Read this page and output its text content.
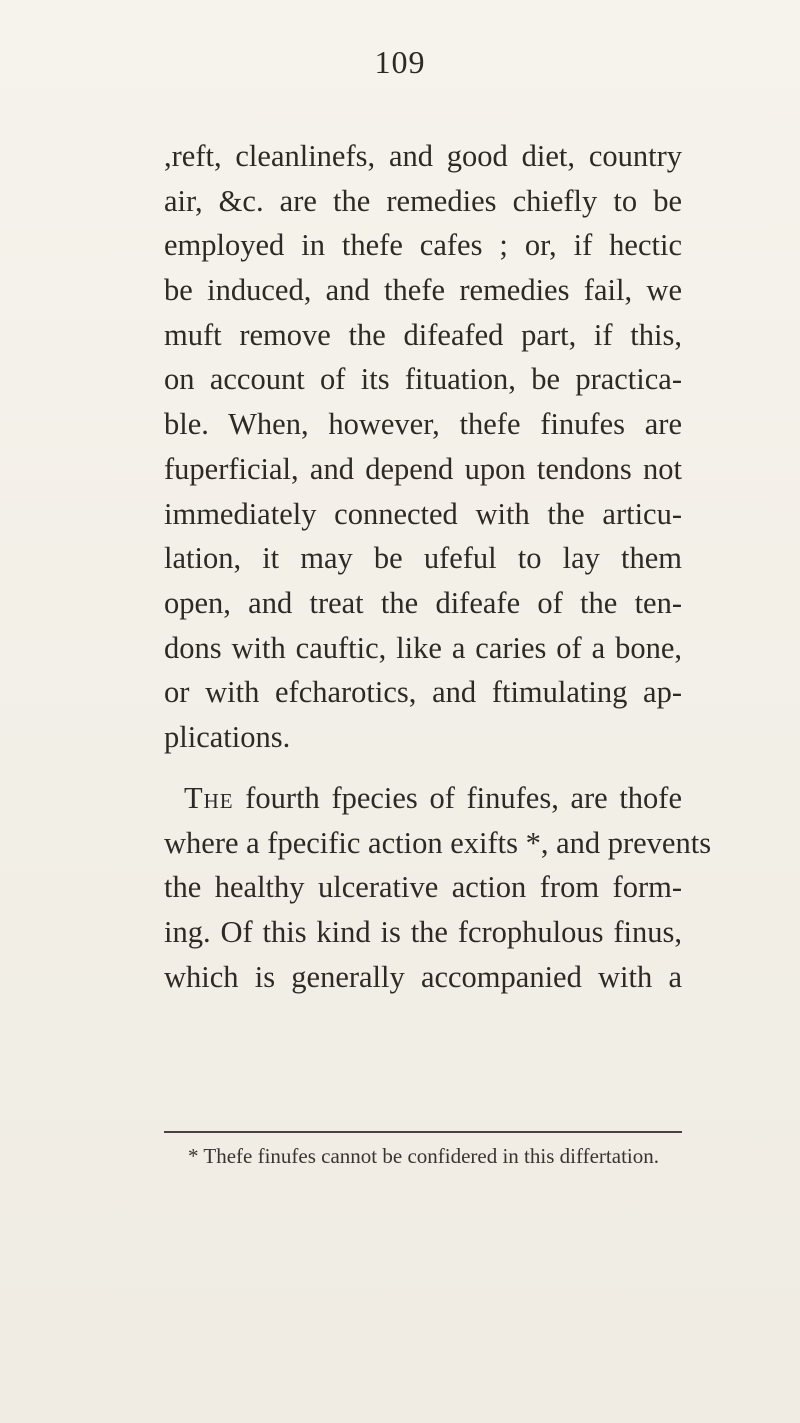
109
,reft, cleanlinefs, and good diet, country
air, &c. are the remedies chiefly to be
employed in thefe cafes ; or, if hectic
be induced, and thefe remedies fail, we
muft remove the difeafed part, if this,
on account of its fituation, be practica-
ble. When, however, thefe finufes are
fuperficial, and depend upon tendons not
immediately connected with the articu-
lation, it may be ufeful to lay them
open, and treat the difeafe of the ten-
dons with cauftic, like a caries of a bone,
or with efcharotics, and ftimulating ap-
plications.
The fourth fpecies of finufes, are thofe
where a fpecific action exifts *, and prevents
the healthy ulcerative action from form-
ing. Of this kind is the fcrophulous finus,
which is generally accompanied with a
* Thefe finufes cannot be confidered in this differtation.
